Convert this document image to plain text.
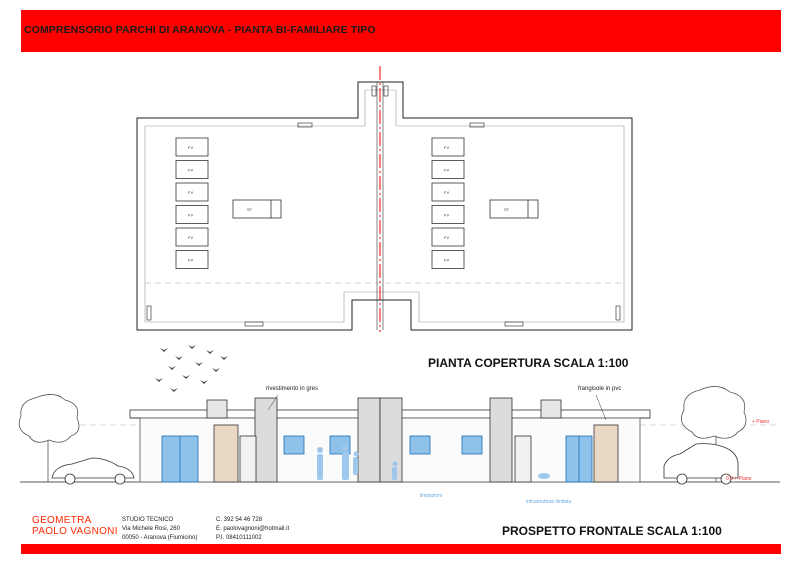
COMPRENSORIO PARCHI DI ARANOVA - PIANTA BI-FAMILIARE TIPO
FV
FV
FV
FV
FV
FV
FV
FV
FV
FV
FV
FV
ST	ST
PIANTA COPERTURA SCALA 1:100
rivestimento in gres	frangisole in pvc
+ Piano
0,0 + Piano
limitazioni
infrastruttura limitata
GEOMETRA
PAOLO VAGNONI
STUDIO TECNICO
Via Michele Rosi, 260
00050 - Aranova (Fiumicino)
C. 392 54 46 728
E. paolovagnoni@hotmail.it
P.I. 08410111002	PROSPETTO FRONTALE SCALA 1:100
